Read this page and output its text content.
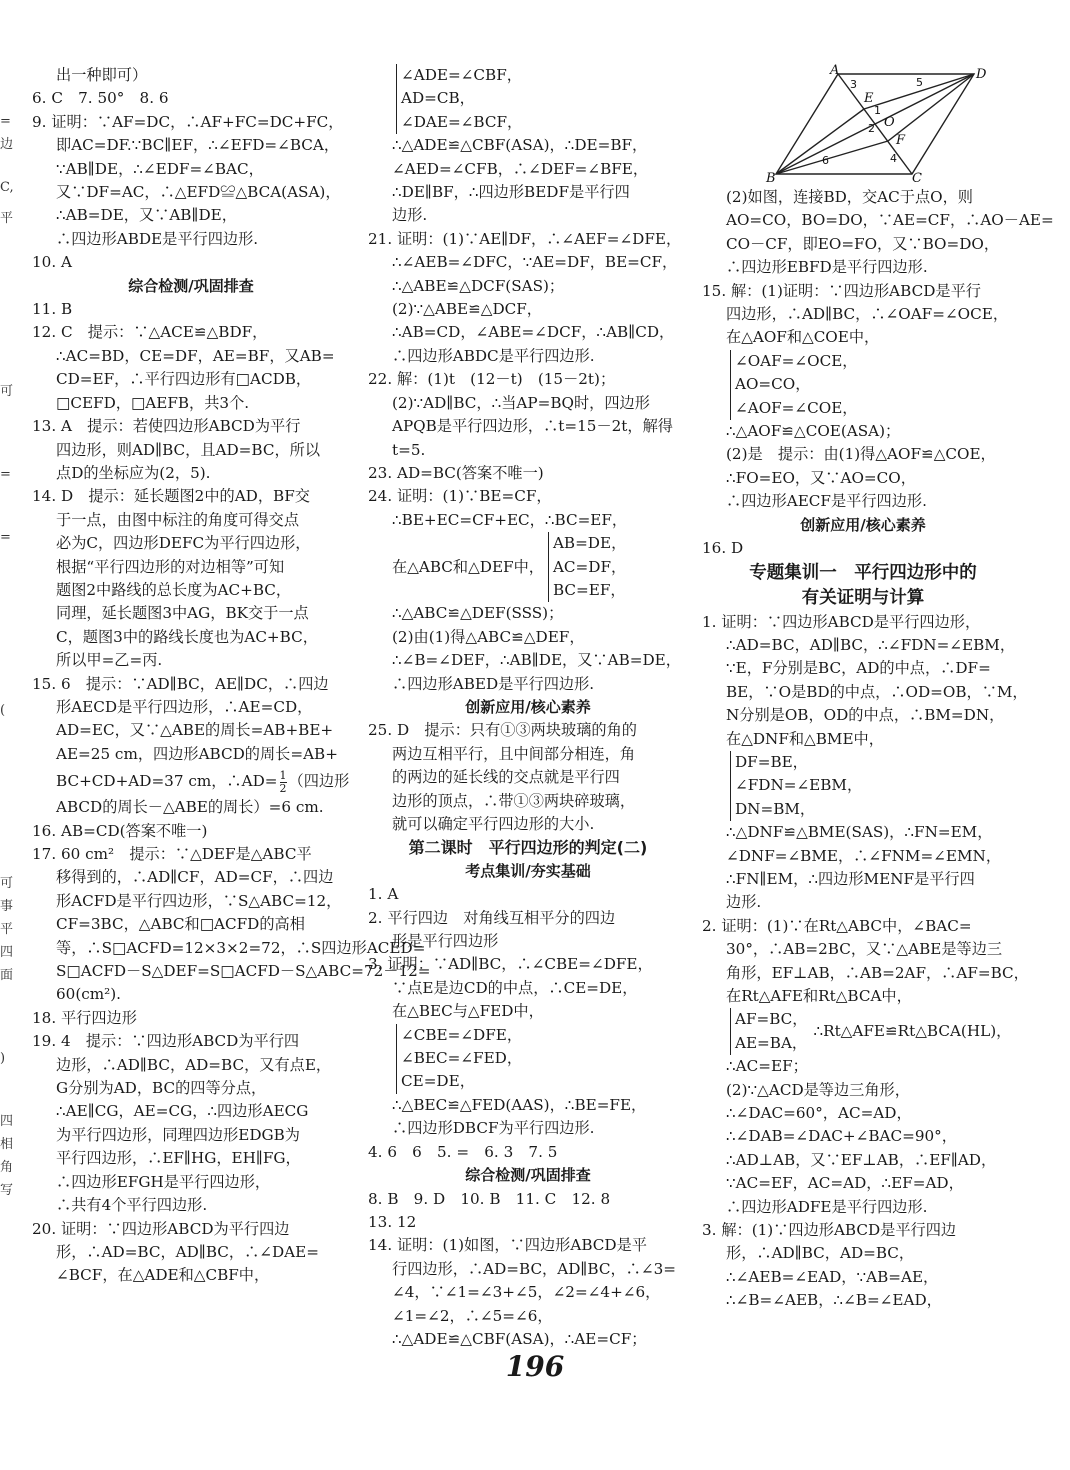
=
边
C,
平
可
=
=
(
可
事
平
四
面
)
四
相
角
写
出一种即可）
6. C　7. 50°　8. 6
9. 证明：∵AF=DC，∴AF+FC=DC+FC，
即AC=DF.∵BC∥EF，∴∠EFD=∠BCA，
∵AB∥DE，∴∠EDF=∠BAC，
又∵DF=AC，∴△EFD≌△BCA(ASA)，
∴AB=DE，又∵AB∥DE，
∴四边形ABDE是平行四边形.
10. A
综合检测/巩固排查
11. B
12. C　提示：∵△ACE≌△BDF，
∴AC=BD，CE=DF，AE=BF，又AB=
CD=EF，∴平行四边形有□ACDB，
□CEFD，□AEFB，共3个.
13. A　提示：若使四边形ABCD为平行
四边形，则AD∥BC，且AD=BC，所以
点D的坐标应为(2，5).
14. D　提示：延长题图2中的AD，BF交
于一点，由图中标注的角度可得交点
必为C，四边形DEFC为平行四边形，
根据“平行四边形的对边相等”可知
题图2中路线的总长度为AC+BC，
同理，延长题图3中AG，BK交于一点
C，题图3中的路线长度也为AC+BC，
所以甲=乙=丙.
15. 6　提示：∵AD∥BC，AE∥DC，∴四边
形AECD是平行四边形，∴AE=CD，
AD=EC，又∵△ABE的周长=AB+BE+
AE=25 cm，四边形ABCD的周长=AB+
BC+CD+AD=37 cm，∴AD= $\frac{1}{2}$ （四边形
ABCD的周长－△ABE的周长）=6 cm.
16. AB=CD(答案不唯一)
17. 60 cm²　提示：∵△DEF是△ABC平
移得到的，∴AD∥CF，AD=CF，∴四边
形ACFD是平行四边形，∵S△ABC=12，
CF=3BC，△ABC和□ACFD的高相
等，∴S□ACFD=12×3×2=72，∴S四边形ACED=
S□ACFD－S△DEF=S□ACFD－S△ABC=72－12=
60(cm²).
18. 平行四边形
19. 4　提示：∵四边形ABCD为平行四
边形，∴AD∥BC，AD=BC，又有点E，
G分别为AD，BC的四等分点，
∴AE∥CG，AE=CG，∴四边形AECG
为平行四边形，同理四边形EDGB为
平行四边形，∴EF∥HG，EH∥FG，
∴四边形EFGH是平行四边形，
∴共有4个平行四边形.
20. 证明：∵四边形ABCD为平行四边
形，∴AD=BC，AD∥BC，∴∠DAE=
∠BCF，在△ADE和△CBF中，
∠ADE=∠CBF，
AD=CB，
∠DAE=∠BCF，
∴△ADE≌△CBF(ASA)，∴DE=BF，
∠AED=∠CFB，∴∠DEF=∠BFE，
∴DE∥BF，∴四边形BEDF是平行四
边形.
21. 证明：(1)∵AE∥DF，∴∠AEF=∠DFE，
∴∠AEB=∠DFC，∵AE=DF，BE=CF，
∴△ABE≌△DCF(SAS)；
(2)∵△ABE≌△DCF，
∴AB=CD，∠ABE=∠DCF，∴AB∥CD，
∴四边形ABDC是平行四边形.
22. 解：(1)t　(12－t)　(15－2t)；
(2)∵AD∥BC，∴当AP=BQ时，四边形
APQB是平行四边形，∴t=15－2t，解得
t=5.
23. AD=BC(答案不唯一)
24. 证明：(1)∵BE=CF，
∴BE+EC=CF+EC，∴BC=EF，
在△ABC和△DEF中，
AB=DE，
AC=DF，
BC=EF，
∴△ABC≌△DEF(SSS)；
(2)由(1)得△ABC≌△DEF，
∴∠B=∠DEF，∴AB∥DE，又∵AB=DE，
∴四边形ABED是平行四边形.
创新应用/核心素养
25. D　提示：只有①③两块玻璃的角的
两边互相平行，且中间部分相连，角
的两边的延长线的交点就是平行四
边形的顶点，∴带①③两块碎玻璃，
就可以确定平行四边形的大小.
第二课时　平行四边形的判定(二)
考点集训/夯实基础
1. A
2. 平行四边　对角线互相平分的四边
形是平行四边形
3. 证明：∵AD∥BC，∴∠CBE=∠DFE，
∵点E是边CD的中点，∴CE=DE，
在△BEC与△FED中，
∠CBE=∠DFE，
∠BEC=∠FED，
CE=DE，
∴△BEC≌△FED(AAS)，∴BE=FE，
∴四边形DBCF为平行四边形.
4. 6　6　5. =　6. 3　7. 5
综合检测/巩固排查
8. B　9. D　10. B　11. C　12. 8
13. 12
14. 证明：(1)如图，∵四边形ABCD是平
行四边形，∴AD=BC，AD∥BC，∴∠3=
∠4，∵∠1=∠3+∠5，∠2=∠4+∠6，
∠1=∠2，∴∠5=∠6，
∴△ADE≌△CBF(ASA)，∴AE=CF；
A	D
B	C
E
F
O
1
2
3
4
5
6
(2)如图，连接BD，交AC于点O，则
AO=CO，BO=DO，∵AE=CF，∴AO－AE=
CO－CF，即EO=FO，又∵BO=DO，
∴四边形EBFD是平行四边形.
15. 解：(1)证明：∵四边形ABCD是平行
四边形，∴AD∥BC，∴∠OAF=∠OCE，
在△AOF和△COE中，
∠OAF=∠OCE，
AO=CO，
∠AOF=∠COE，
∴△AOF≌△COE(ASA)；
(2)是　提示：由(1)得△AOF≌△COE，
∴FO=EO，又∵AO=CO，
∴四边形AECF是平行四边形.
创新应用/核心素养
16. D
专题集训一　平行四边形中的
有关证明与计算
1. 证明：∵四边形ABCD是平行四边形，
∴AD=BC，AD∥BC，∴∠FDN=∠EBM，
∵E，F分别是BC，AD的中点，∴DF=
BE，∵O是BD的中点，∴OD=OB，∵M，
N分别是OB，OD的中点，∴BM=DN，
在△DNF和△BME中，
DF=BE，
∠FDN=∠EBM，
DN=BM，
∴△DNF≌△BME(SAS)，∴FN=EM，
∠DNF=∠BME，∴∠FNM=∠EMN，
∴FN∥EM，∴四边形MENF是平行四
边形.
2. 证明：(1)∵在Rt△ABC中，∠BAC=
30°，∴AB=2BC，又∵△ABE是等边三
角形，EF⊥AB，∴AB=2AF，∴AF=BC，
在Rt△AFE和Rt△BCA中，
AF=BC，
AE=BA，
∴Rt△AFE≌Rt△BCA(HL)，
∴AC=EF；
(2)∵△ACD是等边三角形，
∴∠DAC=60°，AC=AD，
∴∠DAB=∠DAC+∠BAC=90°，
∴AD⊥AB，又∵EF⊥AB，∴EF∥AD，
∵AC=EF，AC=AD，∴EF=AD，
∴四边形ADFE是平行四边形.
3. 解：(1)∵四边形ABCD是平行四边
形，∴AD∥BC，AD=BC，
∴∠AEB=∠EAD，∵AB=AE，
∴∠B=∠AEB，∴∠B=∠EAD，
196
